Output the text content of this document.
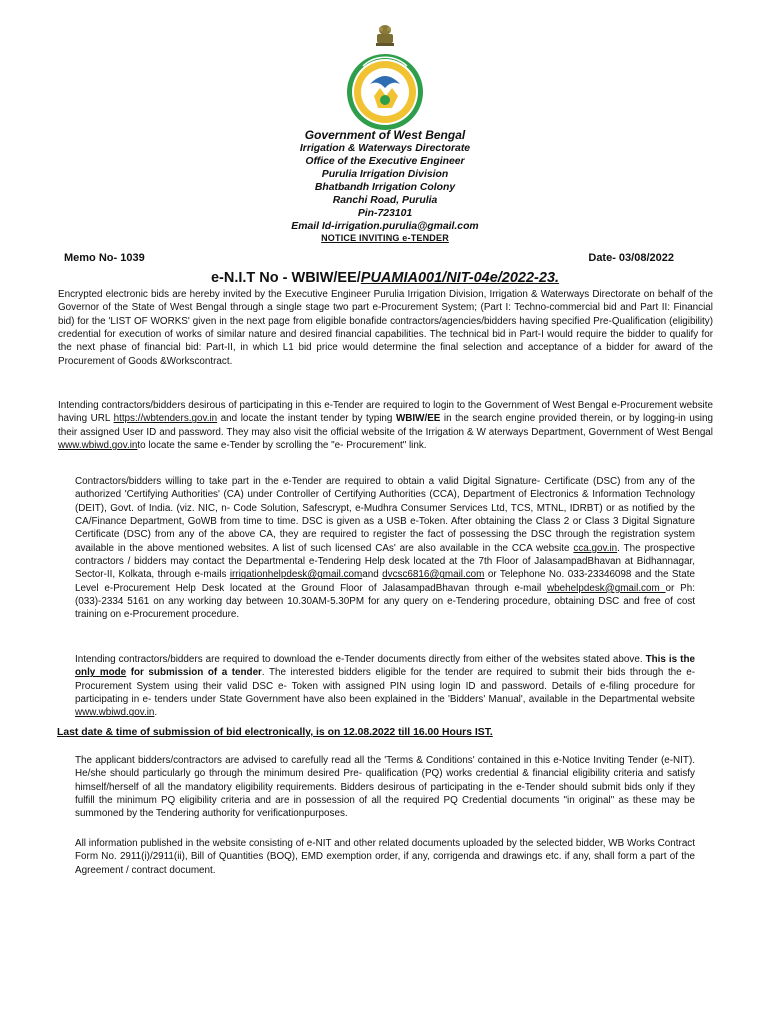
Government of West Bengal

Irrigation & Waterways Directorate

Office of the Executive Engineer

Purulia Irrigation Division

Bhatbandh Irrigation Colony

Ranchi Road, Purulia

Pin-723101

Email Id-irrigation.purulia@gmail.com

NOTICE INVITING e-TENDER

Memo No- 1039	Date- 03/08/2022
e-N.I.T No - WBIW/EE/PUAMIA001/NIT-04e/2022-23.

Encrypted electronic bids are hereby invited by the Executive Engineer Purulia Irrigation Division, Irrigation & Waterways Directorate on behalf of the Governor of the State of West Bengal through a single stage two part e-Procurement System; (Part I: Techno-commercial bid and Part II: Financial bid) for the 'LIST OF WORKS' given in the next page from eligible bonafide contractors/agencies/bidders having specified Pre-Qualification (eligibility) credential for execution of works of similar nature and desired financial capabilities. The technical bid in Part-I would require the bidder to qualify for the next phase of financial bid: Part-II, in which L1 bid price would determine the final selection and acceptance of a bidder for award of the Procurement of Goods &Workscontract.

Intending contractors/bidders desirous of participating in this e-Tender are required to login to the Government of West Bengal e-Procurement website having URL https://wbtenders.gov.in and locate the instant tender by typing WBIW/EE in the search engine provided therein, or by logging-in using their assigned User ID and password. They may also visit the official website of the Irrigation & W aterways Department, Government of West Bengal www.wbiwd.gov.into locate the same e-Tender by scrolling the "e- Procurement" link.

Contractors/bidders willing to take part in the e-Tender are required to obtain a valid Digital Signature- Certificate (DSC) from any of the authorized 'Certifying Authorities' (CA) under Controller of Certifying Authorities (CCA), Department of Electronics & Information Technology (DEIT), Govt. of India. (viz. NIC, n- Code Solution, Safescrypt, e-Mudhra Consumer Services Ltd, TCS, MTNL, IDRBT) or as notified by the CA/Finance Department, GoWB from time to time. DSC is given as a USB e-Token. After obtaining the Class 2 or Class 3 Digital Signature Certificate (DSC) from any of the above CA, they are required to register the fact of possessing the DSC through the registration system available in the above mentioned websites. A list of such licensed CAs' are also available in the CCA website cca.gov.in. The prospective contractors / bidders may contact the Departmental e-Tendering Help desk located at the 7th Floor of JalasampadBhavan at Bidhannagar, Sector-II, Kolkata, through e-mails irrigationhelpdesk@gmail.comand dvcsc6816@gmail.com or Telephone No. 033-23346098 and the State Level e-Procurement Help Desk located at the Ground Floor of JalasampadBhavan through e-mail wbehelpdesk@gmail.com or Ph:(033)-2334 5161 on any working day between 10.30AM-5.30PM for any query on e-Tendering procedure, obtaining DSC and free of cost training on e-Procurement procedure.

Intending contractors/bidders are required to download the e-Tender documents directly from either of the websites stated above. This is the only mode for submission of a tender. The interested bidders eligible for the tender are required to submit their bids through the e-Procurement System using their valid DSC e- Token with assigned PIN using login ID and password. Details of e-filing procedure for participating in e- tenders under State Government have also been explained in the 'Bidders' Manual', available in the Departmental website www.wbiwd.gov.in.

Last date & time of submission of bid electronically, is on 12.08.2022 till 16.00 Hours IST.

The applicant bidders/contractors are advised to carefully read all the 'Terms & Conditions' contained in this e-Notice Inviting Tender (e-NIT). He/she should particularly go through the minimum desired Pre- qualification (PQ) works credential & financial eligibility criteria and satisfy himself/herself of all the mandatory eligibility requirements. Bidders desirous of participating in the e-Tender should submit bids only if they fulfill the minimum PQ eligibility criteria and are in possession of all the required PQ Credential documents "in original" as these may be summoned by the Tendering authority for verificationpurposes.

All information published in the website consisting of e-NIT and other related documents uploaded by the selected bidder, WB Works Contract Form No. 2911(i)/2911(ii), Bill of Quantities (BOQ), EMD exemption order, if any, corrigenda and drawings etc. if any, shall form a part of the Agreement / contract document.
